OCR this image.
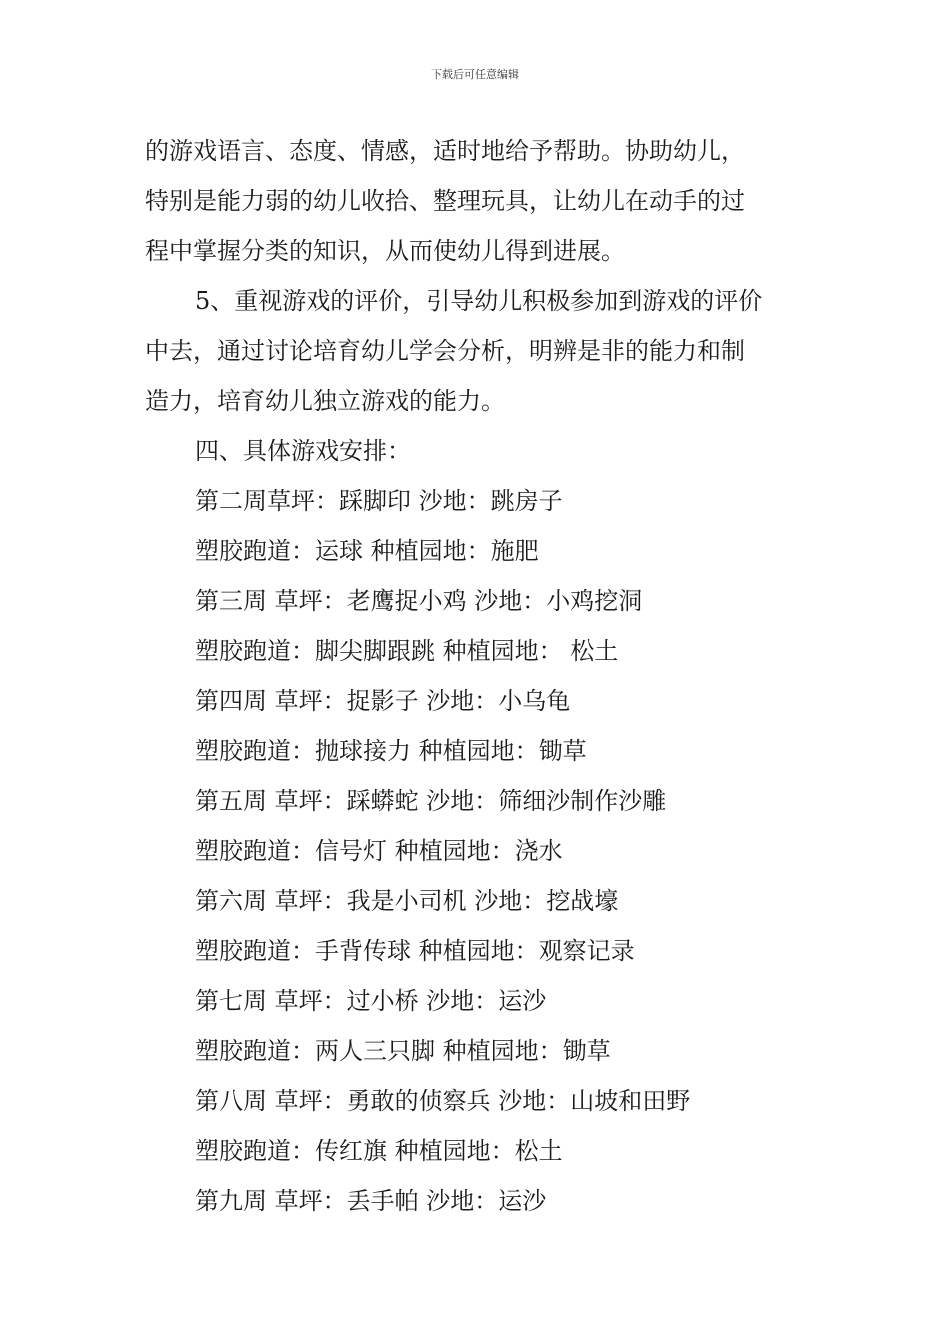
下载后可任意编辑
的游戏语言、态度、情感，适时地给予帮助。协助幼儿，
特别是能力弱的幼儿收拾、整理玩具，让幼儿在动手的过
程中掌握分类的知识，从而使幼儿得到进展。
5、重视游戏的评价，引导幼儿积极参加到游戏的评价
中去，通过讨论培育幼儿学会分析，明辨是非的能力和制
造力，培育幼儿独立游戏的能力。
四、具体游戏安排：
第二周草坪：踩脚印 沙地：跳房子
塑胶跑道：运球 种植园地：施肥
第三周 草坪：老鹰捉小鸡 沙地：小鸡挖洞
塑胶跑道：脚尖脚跟跳 种植园地： 松土
第四周 草坪：捉影子 沙地：小乌龟
塑胶跑道：抛球接力 种植园地：锄草
第五周 草坪：踩蟒蛇 沙地：筛细沙制作沙雕
塑胶跑道：信号灯 种植园地：浇水
第六周 草坪：我是小司机 沙地：挖战壕
塑胶跑道：手背传球 种植园地：观察记录
第七周 草坪：过小桥 沙地：运沙
塑胶跑道：两人三只脚 种植园地：锄草
第八周 草坪：勇敢的侦察兵 沙地：山坡和田野
塑胶跑道：传红旗 种植园地：松土
第九周 草坪：丢手帕 沙地：运沙
